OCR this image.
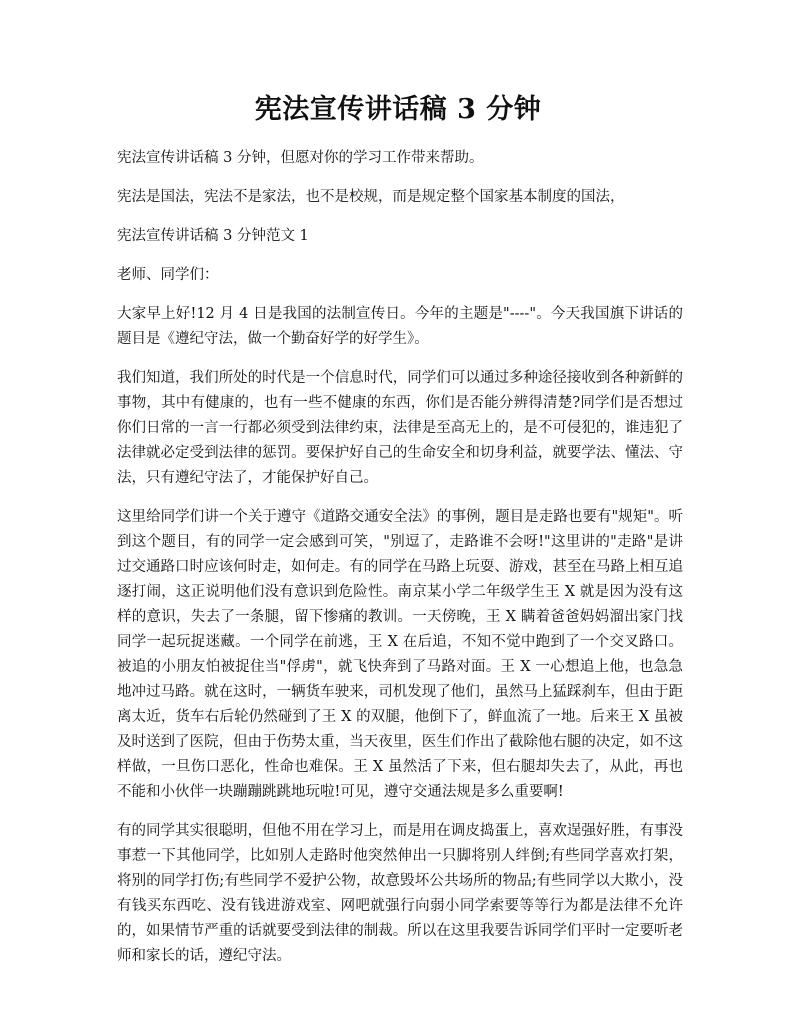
宪法宣传讲话稿 3 分钟

宪法宣传讲话稿 3 分钟，但愿对你的学习工作带来帮助。

宪法是国法，宪法不是家法，也不是校规，而是规定整个国家基本制度的国法，

宪法宣传讲话稿 3 分钟范文 1

老师、同学们：

大家早上好!12 月 4 日是我国的法制宣传日。今年的主题是"----"。今天我国旗下讲话的题目是《遵纪守法，做一个勤奋好学的好学生》。

我们知道，我们所处的时代是一个信息时代，同学们可以通过多种途径接收到各种新鲜的事物，其中有健康的，也有一些不健康的东西，你们是否能分辨得清楚?同学们是否想过你们日常的一言一行都必须受到法律约束，法律是至高无上的，是不可侵犯的，谁违犯了法律就必定受到法律的惩罚。要保护好自己的生命安全和切身利益，就要学法、懂法、守法，只有遵纪守法了，才能保护好自己。

这里给同学们讲一个关于遵守《道路交通安全法》的事例，题目是走路也要有"规矩"。听到这个题目，有的同学一定会感到可笑，"别逗了，走路谁不会呀!"这里讲的"走路"是讲过交通路口时应该何时走，如何走。有的同学在马路上玩耍、游戏，甚至在马路上相互追逐打闹，这正说明他们没有意识到危险性。南京某小学二年级学生王 X 就是因为没有这样的意识，失去了一条腿，留下惨痛的教训。一天傍晚，王 X 瞒着爸爸妈妈溜出家门找同学一起玩捉迷藏。一个同学在前逃，王 X 在后追，不知不觉中跑到了一个交叉路口。被追的小朋友怕被捉住当"俘虏"，就飞快奔到了马路对面。王 X 一心想追上他，也急急地冲过马路。就在这时，一辆货车驶来，司机发现了他们，虽然马上猛踩刹车，但由于距离太近，货车右后轮仍然碰到了王 X 的双腿，他倒下了，鲜血流了一地。后来王 X 虽被及时送到了医院，但由于伤势太重，当天夜里，医生们作出了截除他右腿的决定，如不这样做，一旦伤口恶化，性命也难保。王 X 虽然活了下来，但右腿却失去了，从此，再也不能和小伙伴一块蹦蹦跳跳地玩啦!可见，遵守交通法规是多么重要啊!

有的同学其实很聪明，但他不用在学习上，而是用在调皮捣蛋上，喜欢逞强好胜，有事没事惹一下其他同学，比如别人走路时他突然伸出一只脚将别人绊倒;有些同学喜欢打架，将别的同学打伤;有些同学不爱护公物，故意毁坏公共场所的物品;有些同学以大欺小，没有钱买东西吃、没有钱进游戏室、网吧就强行向弱小同学索要等等行为都是法律不允许的，如果情节严重的话就要受到法律的制裁。所以在这里我要告诉同学们平时一定要听老师和家长的话，遵纪守法。
